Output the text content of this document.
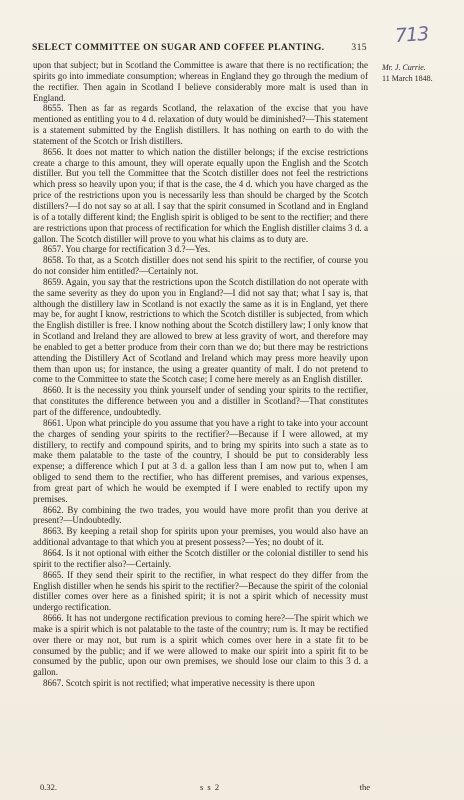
713
SELECT COMMITTEE ON SUGAR AND COFFEE PLANTING.	315
Mr. J. Currie.
11 March 1848.

upon that subject; but in Scotland the Committee is aware that there is no rectification; the spirits go into immediate consumption; whereas in England they go through the medium of the rectifier. Then again in Scotland I believe considerably more malt is used than in England.

8655. Then as far as regards Scotland, the relaxation of the excise that you have mentioned as entitling you to 4 d. relaxation of duty would be diminished?—This statement is a statement submitted by the English distillers. It has nothing on earth to do with the statement of the Scotch or Irish distillers.

8656. It does not matter to which nation the distiller belongs; if the excise restrictions create a charge to this amount, they will operate equally upon the English and the Scotch distiller. But you tell the Committee that the Scotch distiller does not feel the restrictions which press so heavily upon you; if that is the case, the 4 d. which you have charged as the price of the restrictions upon you is necessarily less than should be charged by the Scotch distillers?—I do not say so at all. I say that the spirit consumed in Scotland and in England is of a totally different kind; the English spirit is obliged to be sent to the rectifier; and there are restrictions upon that process of rectification for which the English distiller claims 3 d. a gallon. The Scotch distiller will prove to you what his claims as to duty are.

8657. You charge for rectification 3 d.?—Yes.

8658. To that, as a Scotch distiller does not send his spirit to the rectifier, of course you do not consider him entitled?—Certainly not.

8659. Again, you say that the restrictions upon the Scotch distillation do not operate with the same severity as they do upon you in England?—I did not say that; what I say is, that although the distillery law in Scotland is not exactly the same as it is in England, yet there may be, for aught I know, restrictions to which the Scotch distiller is subjected, from which the English distiller is free. I know nothing about the Scotch distillery law; I only know that in Scotland and Ireland they are allowed to brew at less gravity of wort, and therefore may be enabled to get a better produce from their corn than we do; but there may be restrictions attending the Distillery Act of Scotland and Ireland which may press more heavily upon them than upon us; for instance, the using a greater quantity of malt. I do not pretend to come to the Committee to state the Scotch case; I come here merely as an English distiller.

8660. It is the necessity you think yourself under of sending your spirits to the rectifier, that constitutes the difference between you and a distiller in Scotland?—That constitutes part of the difference, undoubtedly.

8661. Upon what principle do you assume that you have a right to take into your account the charges of sending your spirits to the rectifier?—Because if I were allowed, at my distillery, to rectify and compound spirits, and to bring my spirits into such a state as to make them palatable to the taste of the country, I should be put to considerably less expense; a difference which I put at 3 d. a gallon less than I am now put to, when I am obliged to send them to the rectifier, who has different premises, and various expenses, from great part of which he would be exempted if I were enabled to rectify upon my premises.

8662. By combining the two trades, you would have more profit than you derive at present?—Undoubtedly.

8663. By keeping a retail shop for spirits upon your premises, you would also have an additional advantage to that which you at present possess?—Yes; no doubt of it.

8664. Is it not optional with either the Scotch distiller or the colonial distiller to send his spirit to the rectifier also?—Certainly.

8665. If they send their spirit to the rectifier, in what respect do they differ from the English distiller when he sends his spirit to the rectifier?—Because the spirit of the colonial distiller comes over here as a finished spirit; it is not a spirit which of necessity must undergo rectification.

8666. It has not undergone rectification previous to coming here?—The spirit which we make is a spirit which is not palatable to the taste of the country; rum is. It may be rectified over there or may not, but rum is a spirit which comes over here in a state fit to be consumed by the public; and if we were allowed to make our spirit into a spirit fit to be consumed by the public, upon our own premises, we should lose our claim to this 3 d. a gallon.

8667. Scotch spirit is not rectified; what imperative necessity is there upon

0.32.	s s 2	the
